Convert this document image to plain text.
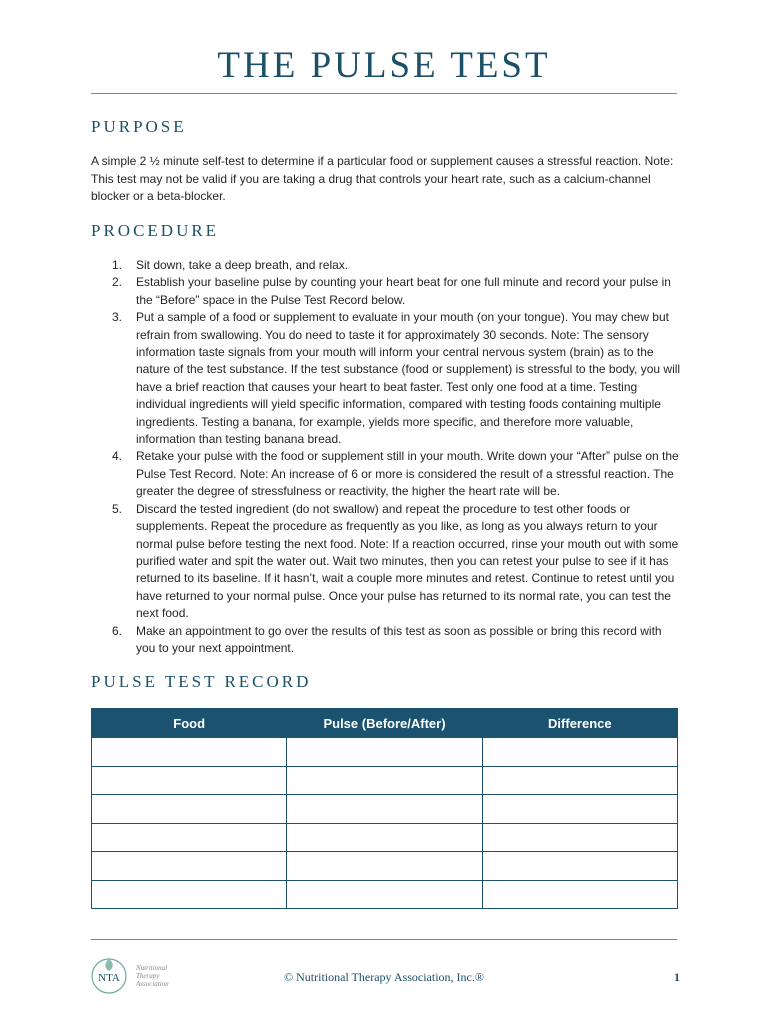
THE PULSE TEST
PURPOSE

A simple 2 ½ minute self-test to determine if a particular food or supplement causes a stressful reaction. Note: This test may not be valid if you are taking a drug that controls your heart rate, such as a calcium-channel blocker or a beta-blocker.

PROCEDURE
1. Sit down, take a deep breath, and relax.
2. Establish your baseline pulse by counting your heart beat for one full minute and record your pulse in the “Before” space in the Pulse Test Record below.
3. Put a sample of a food or supplement to evaluate in your mouth (on your tongue). You may chew but refrain from swallowing. You do need to taste it for approximately 30 seconds. Note: The sensory information taste signals from your mouth will inform your central nervous system (brain) as to the nature of the test substance. If the test substance (food or supplement) is stressful to the body, you will have a brief reaction that causes your heart to beat faster. Test only one food at a time. Testing individual ingredients will yield specific information, compared with testing foods containing multiple ingredients. Testing a banana, for example, yields more specific, and therefore more valuable, information than testing banana bread.
4. Retake your pulse with the food or supplement still in your mouth. Write down your “After” pulse on the Pulse Test Record. Note: An increase of 6 or more is considered the result of a stressful reaction. The greater the degree of stressfulness or reactivity, the higher the heart rate will be.
5. Discard the tested ingredient (do not swallow) and repeat the procedure to test other foods or supplements. Repeat the procedure as frequently as you like, as long as you always return to your normal pulse before testing the next food. Note: If a reaction occurred, rinse your mouth out with some purified water and spit the water out. Wait two minutes, then you can retest your pulse to see if it has returned to its baseline. If it hasn’t, wait a couple more minutes and retest. Continue to retest until you have returned to your normal pulse. Once your pulse has returned to its normal rate, you can test the next food.
6. Make an appointment to go over the results of this test as soon as possible or bring this record with you to your next appointment.
PULSE TEST RECORD
Food	Pulse (Before/After)	Difference

NTA
Nutritional
Therapy
Association	© Nutritional Therapy Association, Inc.®	1
